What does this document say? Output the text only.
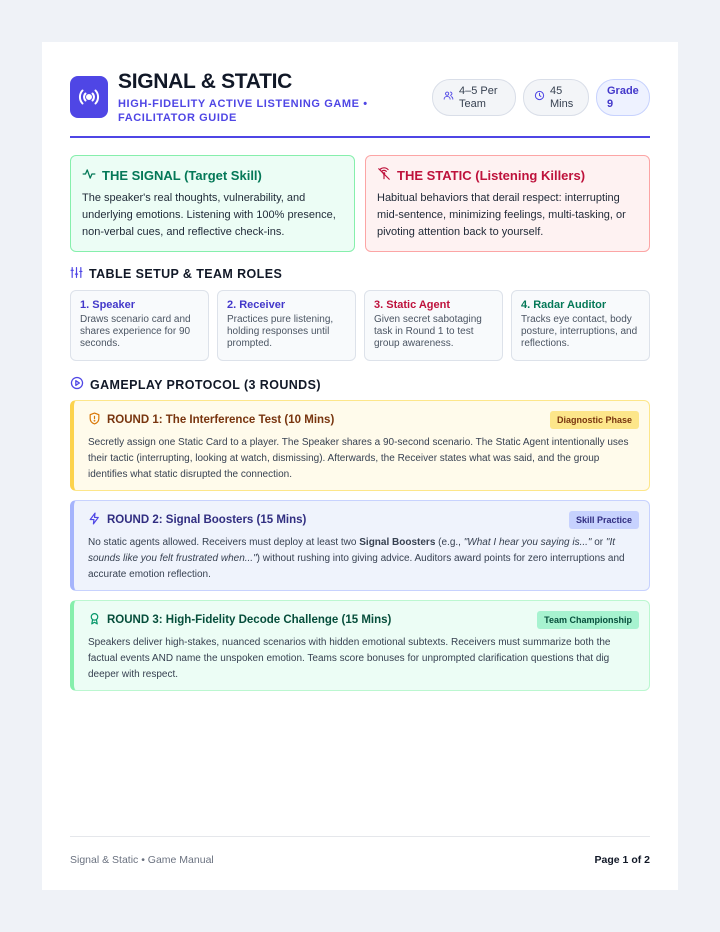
SIGNAL & STATIC
HIGH-FIDELITY ACTIVE LISTENING GAME • FACILITATOR GUIDE
4–5 Per Team
45 Mins
Grade 9
THE SIGNAL (Target Skill)

The speaker's real thoughts, vulnerability, and underlying emotions. Listening with 100% presence, non-verbal cues, and reflective check-ins.

THE STATIC (Listening Killers)

Habitual behaviors that derail respect: interrupting mid-sentence, minimizing feelings, multi-tasking, or pivoting attention back to yourself.

TABLE SETUP & TEAM ROLES
1. Speaker

Draws scenario card and shares experience for 90 seconds.

2. Receiver

Practices pure listening, holding responses until prompted.

3. Static Agent

Given secret sabotaging task in Round 1 to test group awareness.

4. Radar Auditor

Tracks eye contact, body posture, interruptions, and reflections.

GAMEPLAY PROTOCOL (3 ROUNDS)
ROUND 1: The Interference Test (10 Mins)	Diagnostic Phase

Secretly assign one Static Card to a player. The Speaker shares a 90-second scenario. The Static Agent intentionally uses their tactic (interrupting, looking at watch, dismissing). Afterwards, the Receiver states what was said, and the group identifies what static disrupted the connection.

ROUND 2: Signal Boosters (15 Mins)	Skill Practice

No static agents allowed. Receivers must deploy at least two Signal Boosters (e.g., "What I hear you saying is..." or "It sounds like you felt frustrated when...") without rushing into giving advice. Auditors award points for zero interruptions and accurate emotion reflection.

ROUND 3: High-Fidelity Decode Challenge (15 Mins)	Team Championship

Speakers deliver high-stakes, nuanced scenarios with hidden emotional subtexts. Receivers must summarize both the factual events AND name the unspoken emotion. Teams score bonuses for unprompted clarification questions that dig deeper with respect.

Signal & Static • Game Manual	Page 1 of 2
